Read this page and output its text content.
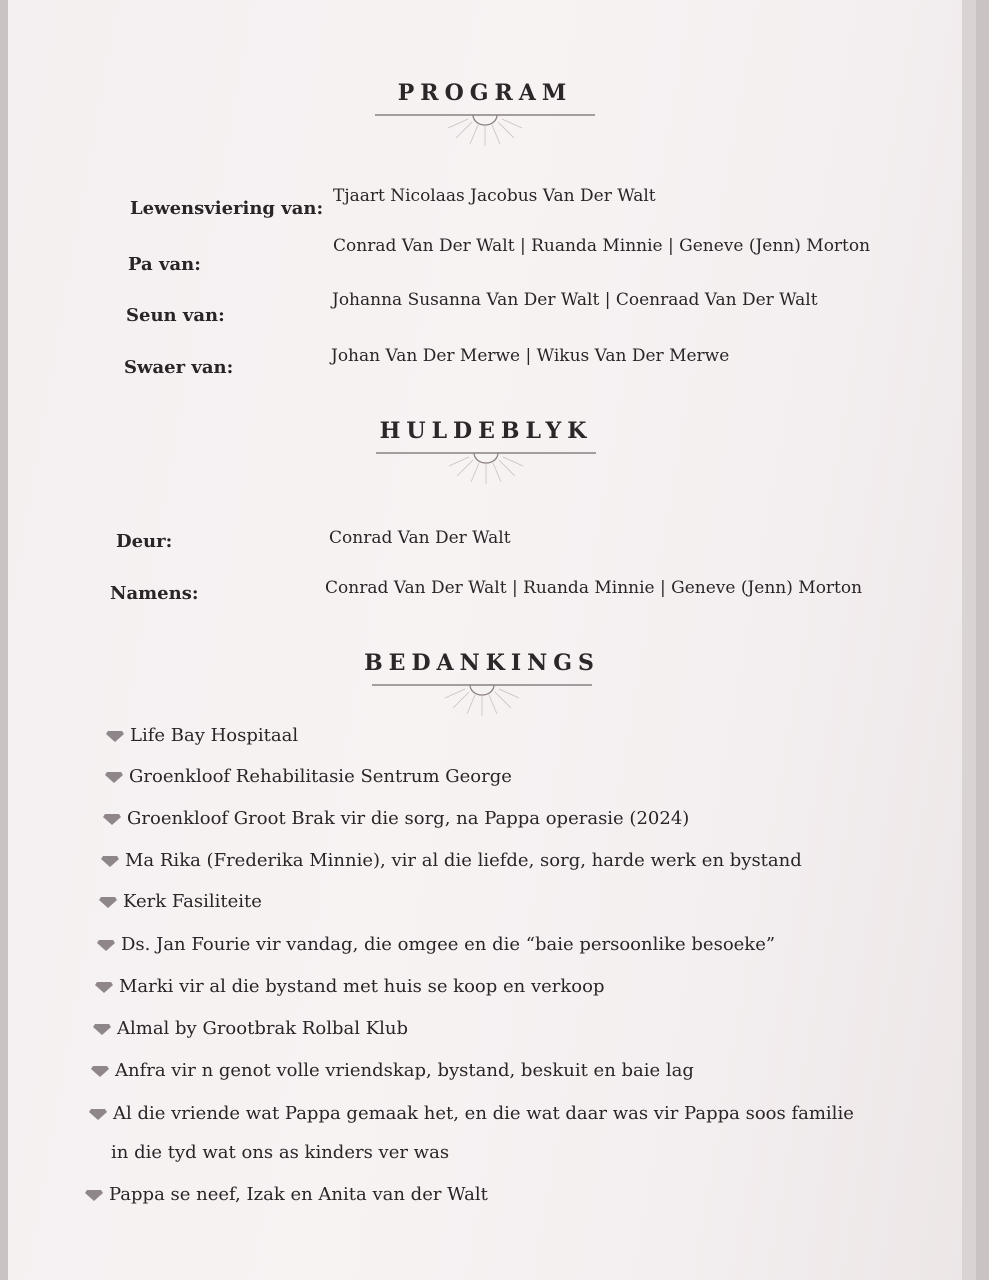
PROGRAM
Lewensviering van:
Tjaart Nicolaas Jacobus Van Der Walt
Pa van:
Conrad Van Der Walt | Ruanda Minnie | Geneve (Jenn) Morton
Seun van:
Johanna Susanna Van Der Walt | Coenraad Van Der Walt
Swaer van:
Johan Van Der Merwe | Wikus Van Der Merwe
HULDEBLYK
Deur:	Conrad Van Der Walt
Namens:	Conrad Van Der Walt | Ruanda Minnie | Geneve (Jenn) Morton
BEDANKINGS
Life Bay Hospitaal
Groenkloof Rehabilitasie Sentrum George
Groenkloof Groot Brak vir die sorg, na Pappa operasie (2024)
Ma Rika (Frederika Minnie), vir al die liefde, sorg, harde werk en bystand
Kerk Fasiliteite
Ds. Jan Fourie vir vandag, die omgee en die “baie persoonlike besoeke”
Marki vir al die bystand met huis se koop en verkoop
Almal by Grootbrak Rolbal Klub
Anfra vir n genot volle vriendskap, bystand, beskuit en baie lag
Al die vriende wat Pappa gemaak het, en die wat daar was vir Pappa soos familie
in die tyd wat ons as kinders ver was
Pappa se neef, Izak en Anita van der Walt
